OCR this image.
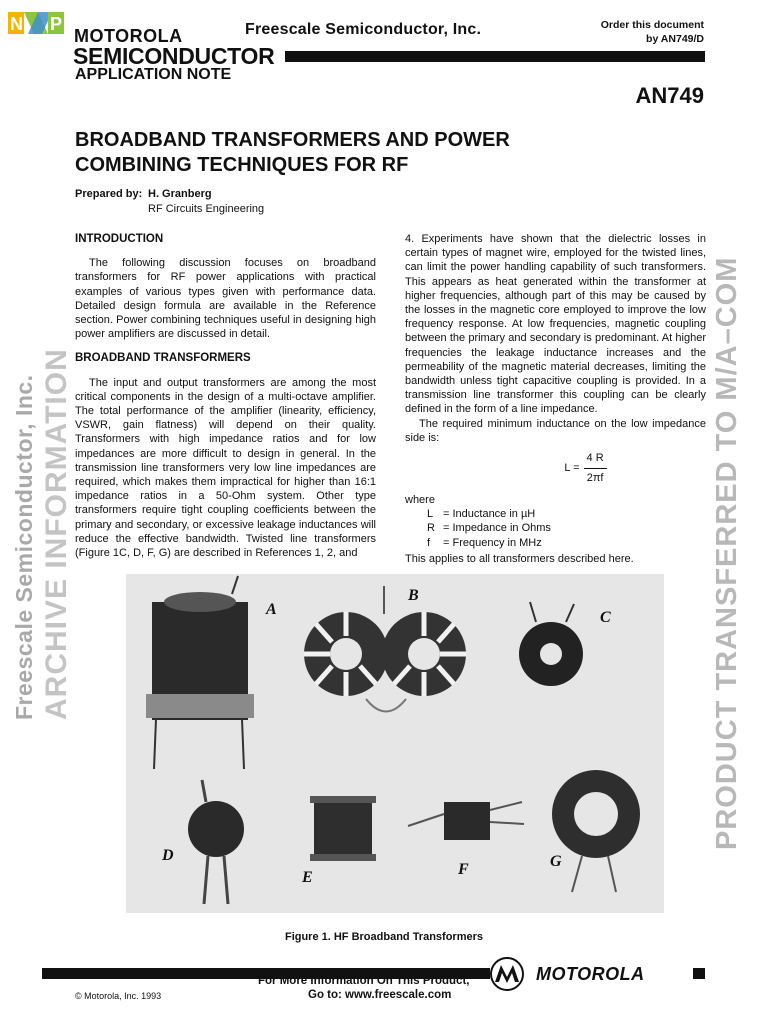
N P
MOTOROLA
SEMICONDUCTOR
APPLICATION NOTE
Freescale Semiconductor, Inc.	Order this document
by AN749/D
AN749
BROADBAND TRANSFORMERS AND POWER
COMBINING TECHNIQUES FOR RF
Prepared by: H. Granberg
RF Circuits Engineering
INTRODUCTION

The following discussion focuses on broadband transformers for RF power applications with practical examples of various types given with performance data. Detailed design formula are available in the Reference section. Power combining techniques useful in designing high power amplifiers are discussed in detail.

BROADBAND TRANSFORMERS

The input and output transformers are among the most critical components in the design of a multi-octave amplifier. The total performance of the amplifier (linearity, efficiency, VSWR, gain flatness) will depend on their quality. Transformers with high impedance ratios and for low impedances are more difficult to design in general. In the transmission line transformers very low line impedances are required, which makes them impractical for higher than 16:1 impedance ratios in a 50-Ohm system. Other type transformers require tight coupling coefficients between the primary and secondary, or excessive leakage inductances will reduce the effective bandwidth. Twisted line transformers (Figure 1C, D, F, G) are described in References 1, 2, and

4. Experiments have shown that the dielectric losses in certain types of magnet wire, employed for the twisted lines, can limit the power handling capability of such transformers. This appears as heat generated within the transformer at higher frequencies, although part of this may be caused by the losses in the magnetic core employed to improve the low frequency response. At low frequencies, magnetic coupling between the primary and secondary is predominant. At higher frequencies the leakage inductance increases and the permeability of the magnetic material decreases, limiting the bandwidth unless tight capacitive coupling is provided. In a transmission line transformer this coupling can be clearly defined in the form of a line impedance.

The required minimum inductance on the low impedance side is:

$L = \frac{4 R}{2\pi f}$

where

L = Inductance in µH
R = Impedance in Ohms
f	= Frequency in MHz

This applies to all transformers described here.

Freescale Semiconductor, Inc. ARCHIVE INFORMATION	PRODUCT TRANSFERRED TO M/A–COM
A
B
C
D
E	F	G
Figure 1. HF Broadband Transformers
For More Information On This Product,
Go to: www.freescale.com
MOTOROLA
© Motorola, Inc. 1993
